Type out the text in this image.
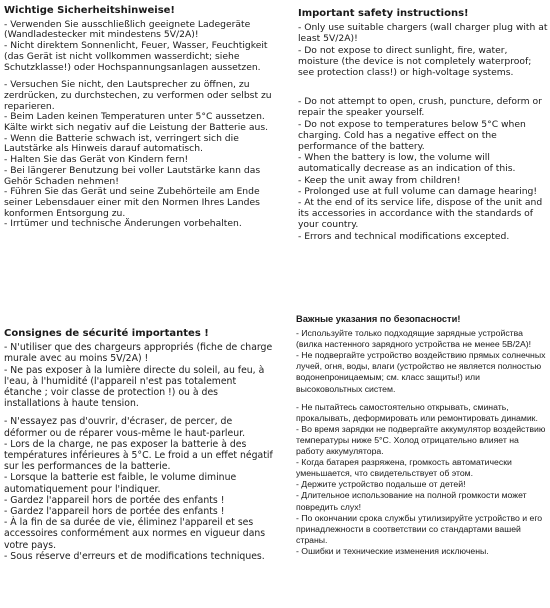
Wichtige Sicherheitshinweise!

- Verwenden Sie ausschließlich geeignete Ladegeräte (Wandladestecker mit mindestens 5V/2A)!

- Nicht direktem Sonnenlicht, Feuer, Wasser, Feuchtigkeit (das Gerät ist nicht vollkommen wasserdicht; siehe Schutzklasse!) oder Hochspannungsanlagen aussetzen.

- Versuchen Sie nicht, den Lautsprecher zu öffnen, zu zerdrücken, zu durchstechen, zu verformen oder selbst zu reparieren.

- Beim Laden keinen Temperaturen unter 5°C aussetzen. Kälte wirkt sich negativ auf die Leistung der Batterie aus.

- Wenn die Batterie schwach ist, verringert sich die Lautstärke als Hinweis darauf automatisch.

- Halten Sie das Gerät von Kindern fern!

- Bei längerer Benutzung bei voller Lautstärke kann das Gehör Schaden nehmen!

- Führen Sie das Gerät und seine Zubehörteile am Ende seiner Lebensdauer einer mit den Normen Ihres Landes konformen Entsorgung zu.

- Irrtümer und technische Änderungen vorbehalten.

Consignes de sécurité importantes !

- N'utiliser que des chargeurs appropriés (fiche de charge murale avec au moins 5V/2A) !

- Ne pas exposer à la lumière directe du soleil, au feu, à l'eau, à l'humidité (l'appareil n'est pas totalement étanche ; voir classe de protection !) ou à des installations à haute tension.

- N'essayez pas d'ouvrir, d'écraser, de percer, de déformer ou de réparer vous-même le haut-parleur.

- Lors de la charge, ne pas exposer la batterie à des températures inférieures à 5°C. Le froid a un effet négatif sur les performances de la batterie.

- Lorsque la batterie est faible, le volume diminue automatiquement pour l'indiquer.

- Gardez l'appareil hors de portée des enfants !

- Gardez l'appareil hors de portée des enfants !

- À la fin de sa durée de vie, éliminez l'appareil et ses accessoires conformément aux normes en vigueur dans votre pays.

- Sous réserve d'erreurs et de modifications techniques.

Important safety instructions!

- Only use suitable chargers (wall charger plug with at least 5V/2A)!

- Do not expose to direct sunlight, fire, water, moisture (the device is not completely waterproof; see protection class!) or high-voltage systems.

- Do not attempt to open, crush, puncture, deform or repair the speaker yourself.

- Do not expose to temperatures below 5°C when charging. Cold has a negative effect on the performance of the battery.

- When the battery is low, the volume will automatically decrease as an indication of this.

- Keep the unit away from children!

- Prolonged use at full volume can damage hearing!

- At the end of its service life, dispose of the unit and its accessories in accordance with the standards of your country.

- Errors and technical modifications excepted.

Важные указания по безопасности!

- Используйте только подходящие зарядные устройства (вилка настенного зарядного устройства не менее 5В/2А)!

- Не подвергайте устройство воздействию прямых солнечных лучей, огня, воды, влаги (устройство не является полностью водонепроницаемым; см. класс защиты!) или высоковольтных систем.

- Не пытайтесь самостоятельно открывать, сминать, прокалывать, деформировать или ремонтировать динамик.

- Во время зарядки не подвергайте аккумулятор воздействию температуры ниже 5°С. Холод отрицательно влияет на работу аккумулятора.

- Когда батарея разряжена, громкость автоматически уменьшается, что свидетельствует об этом.

- Держите устройство подальше от детей!

- Длительное использование на полной громкости может повредить слух!

- По окончании срока службы утилизируйте устройство и его принадлежности в соответствии со стандартами вашей страны.

- Ошибки и технические изменения исключены.
